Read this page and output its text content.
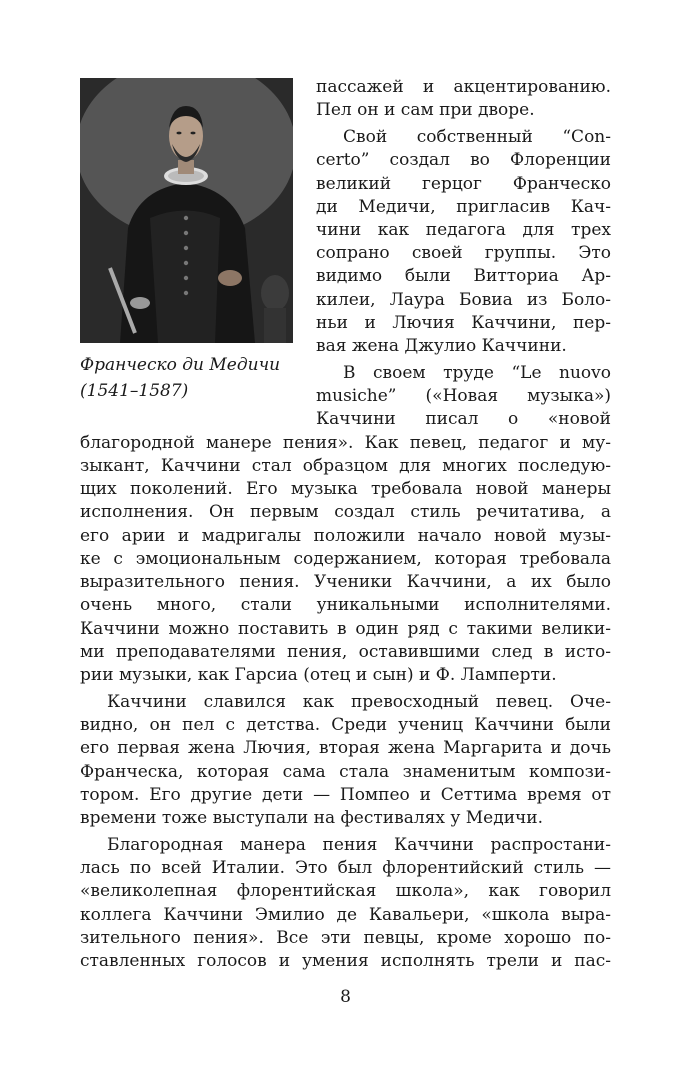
Франческо ди Медичи
(1541–1587)
пассажей и акцентированию.
Пел он и сам при дворе.
Свой собственный “Con-
certo” создал во Флоренции
великий герцог Франческо
ди Медичи, пригласив Кач-
чини как педагога для трех
сопрано своей группы. Это
видимо были Витториа Ар-
килеи, Лаура Бовиа из Боло-
ньи и Лючия Каччини, пер-
вая жена Джулио Каччини.
В своем труде “Le nuovo
musiche” («Новая музыка»)
Каччини писал о «новой
благородной манере пения». Как певец, педагог и му-
зыкант, Каччини стал образцом для многих последую-
щих поколений. Его музыка требовала новой манеры
исполнения. Он первым создал стиль речитатива, а
его арии и мадригалы положили начало новой музы-
ке с эмоциональным содержанием, которая требовала
выразительного пения. Ученики Каччини, а их было
очень много, стали уникальными исполнителями.
Каччини можно поставить в один ряд с такими велики-
ми преподавателями пения, оставившими след в исто-
рии музыки, как Гарсиа (отец и сын) и Ф. Ламперти.
Каччини славился как превосходный певец. Оче-
видно, он пел с детства. Среди учениц Каччини были
его первая жена Лючия, вторая жена Маргарита и дочь
Франческа, которая сама стала знаменитым компози-
тором. Его другие дети — Помпео и Сеттима время от
времени тоже выступали на фестивалях у Медичи.
Благородная манера пения Каччини распростани-
лась по всей Италии. Это был флорентийский стиль —
«великолепная флорентийская школа», как говорил
коллега Каччини Эмилио де Кавальери, «школа выра-
зительного пения». Все эти певцы, кроме хорошо по-
ставленных голосов и умения исполнять трели и пас-
8
